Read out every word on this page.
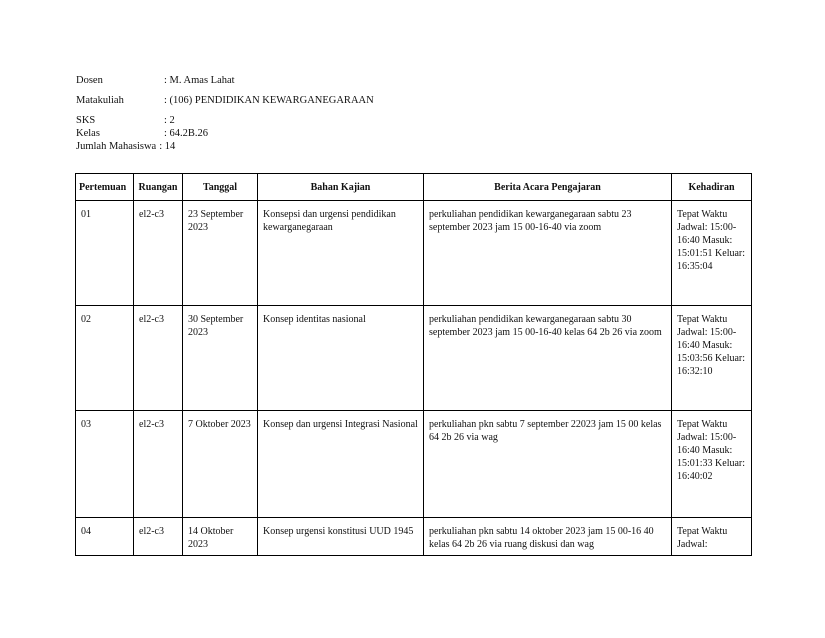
Dosen	: M. Amas Lahat
Matakuliah	: (106) PENDIDIKAN KEWARGANEGARAAN
SKS	: 2
Kelas	: 64.2B.26
Jumlah Mahasiswa : 14
Pertemuan	Ruangan	Tanggal	Bahan Kajian	Berita Acara Pengajaran	Kehadiran
01	el2-c3	23 September 2023	Konsepsi dan urgensi pendidikan kewarganegaraan	perkuliahan pendidikan kewarganegaraan sabtu 23 september 2023 jam 15 00-16-40 via zoom	Tepat Waktu Jadwal: 15:00-16:40 Masuk: 15:01:51 Keluar: 16:35:04
02	el2-c3	30 September 2023	Konsep identitas nasional	perkuliahan pendidikan kewarganegaraan sabtu 30 september 2023 jam 15 00-16-40 kelas 64 2b 26 via zoom	Tepat Waktu Jadwal: 15:00-16:40 Masuk: 15:03:56 Keluar: 16:32:10
03	el2-c3	7 Oktober 2023	Konsep dan urgensi Integrasi Nasional	perkuliahan pkn sabtu 7 september 22023 jam 15 00 kelas 64 2b 26 via wag	Tepat Waktu Jadwal: 15:00-16:40 Masuk: 15:01:33 Keluar: 16:40:02
04	el2-c3	14 Oktober 2023	Konsep urgensi konstitusi UUD 1945	perkuliahan pkn sabtu 14 oktober 2023 jam 15 00-16 40 kelas 64 2b 26 via ruang diskusi dan wag	Tepat Waktu Jadwal:
